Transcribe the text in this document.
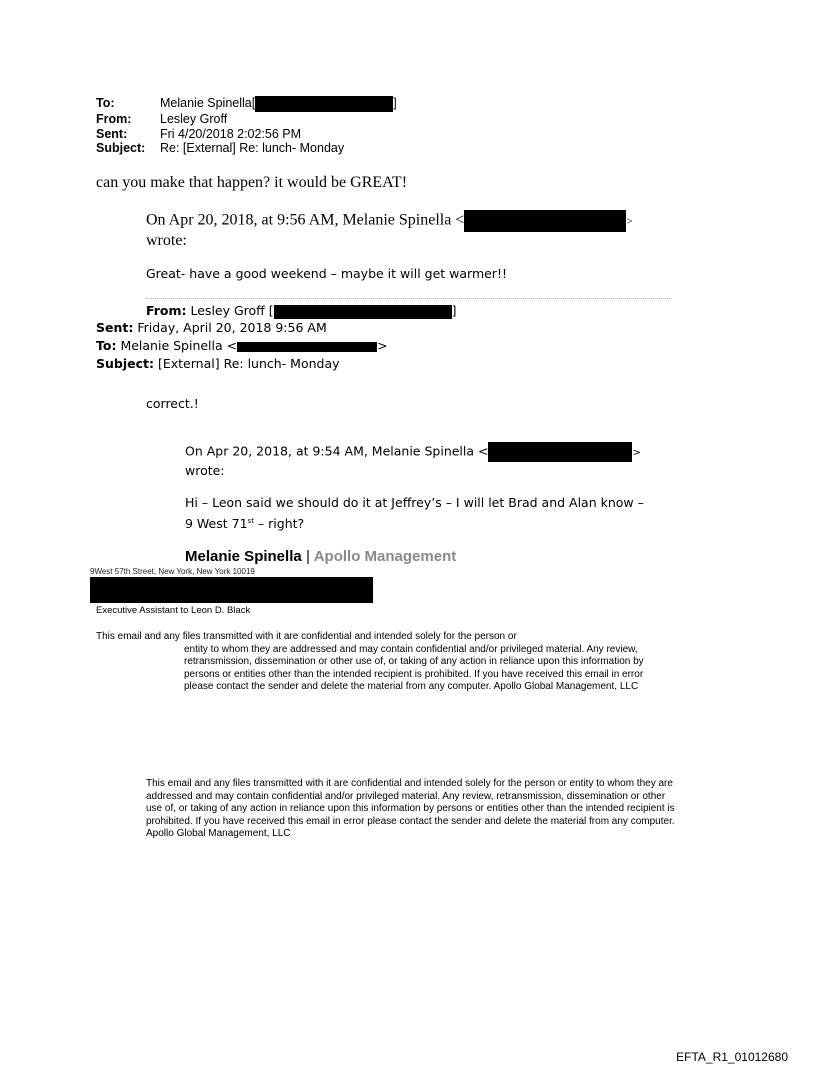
To:	Melanie Spinella[	]
From:	Lesley Groff
Sent:	Fri 4/20/2018 2:02:56 PM
Subject:	Re: [External] Re: lunch- Monday
can you make that happen? it would be GREAT!
On Apr 20, 2018, at 9:56 AM, Melanie Spinella <	>
wrote:
Great- have a good weekend – maybe it will get warmer!!
From: Lesley Groff [	]
Sent: Friday, April 20, 2018 9:56 AM
To: Melanie Spinella <	>
Subject: [External] Re: lunch- Monday
correct.!
On Apr 20, 2018, at 9:54 AM, Melanie Spinella <	>
wrote:
Hi – Leon said we should do it at Jeffrey’s – I will let Brad and Alan know –
9 West 71st – right?
Melanie Spinella | Apollo Management
9West 57th Street, New York, New York 10019
Executive Assistant to Leon D. Black
This email and any files transmitted with it are confidential and intended solely for the person or
entity to whom they are addressed and may contain confidential and/or privileged material. Any review, retransmission, dissemination or other use of, or taking of any action in reliance upon this information by persons or entities other than the intended recipient is prohibited. If you have received this email in error please contact the sender and delete the material from any computer. Apollo Global Management, LLC
This email and any files transmitted with it are confidential and intended solely for the person or entity to whom they are addressed and may contain confidential and/or privileged material. Any review, retransmission, dissemination or other use of, or taking of any action in reliance upon this information by persons or entities other than the intended recipient is prohibited. If you have received this email in error please contact the sender and delete the material from any computer. Apollo Global Management, LLC
EFTA_R1_01012680
